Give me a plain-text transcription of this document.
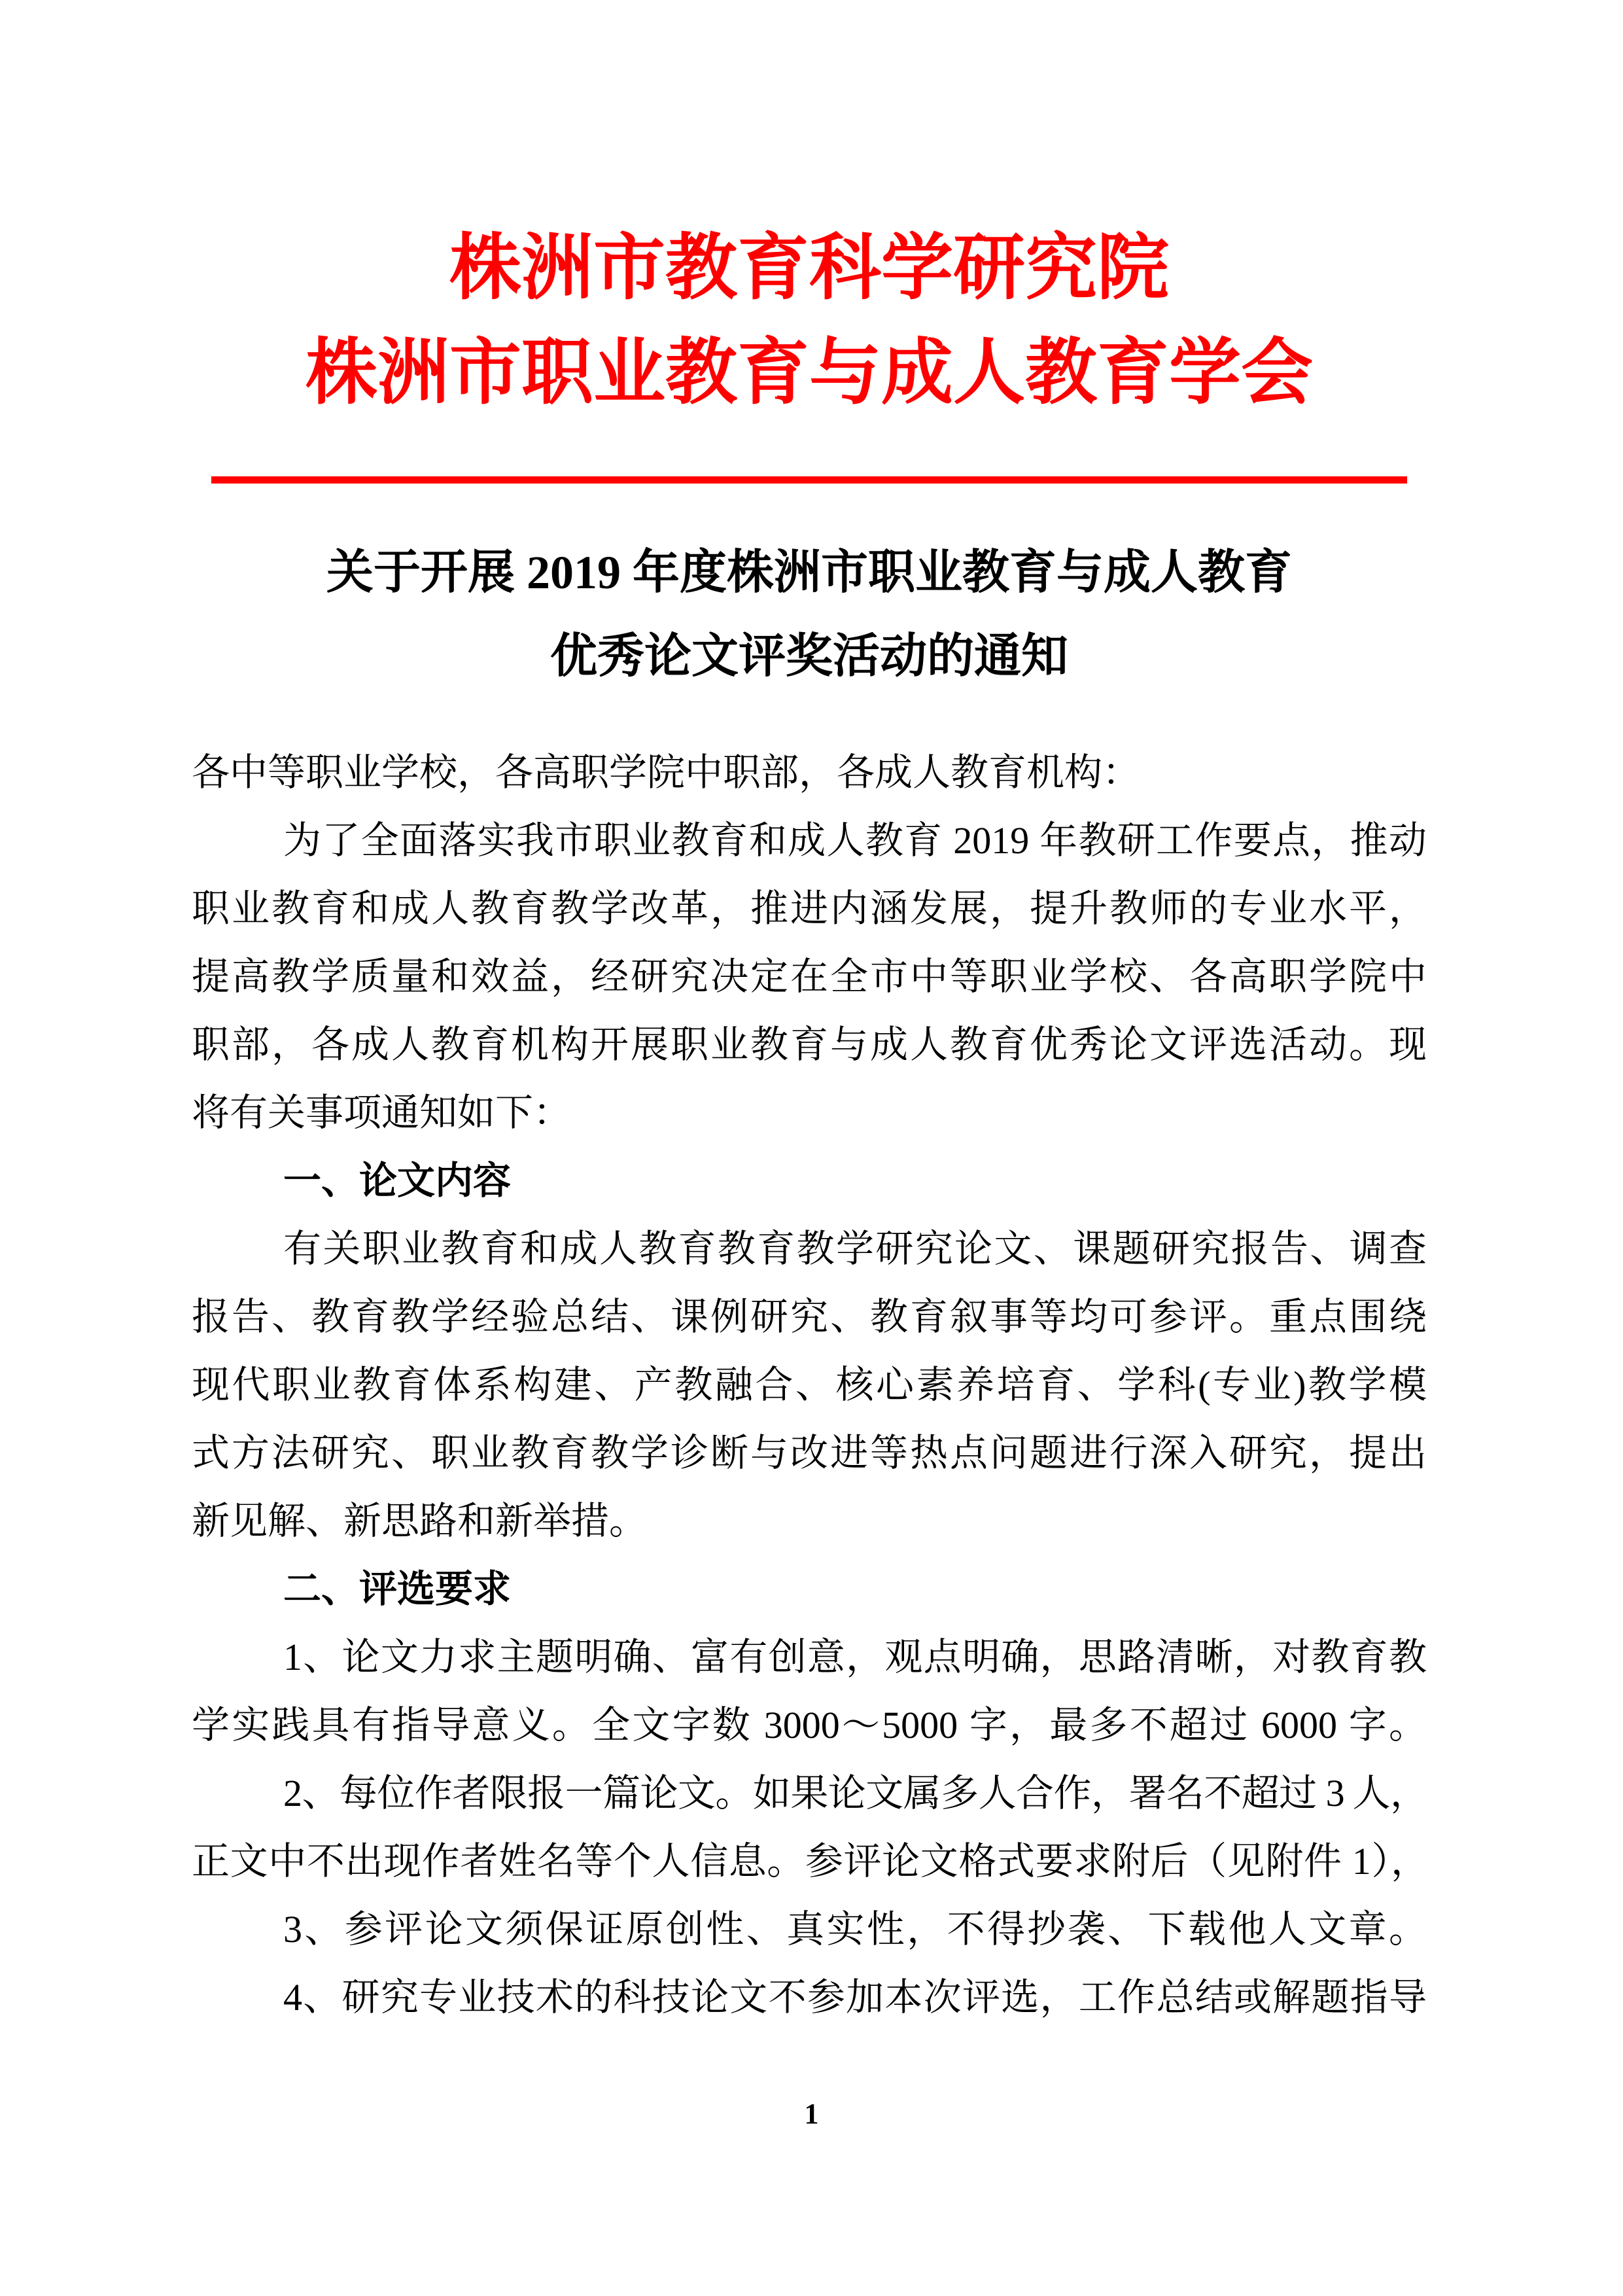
株洲市教育科学研究院
株洲市职业教育与成人教育学会
关于开展 2019 年度株洲市职业教育与成人教育
优秀论文评奖活动的通知
各中等职业学校，各高职学院中职部，各成人教育机构：
为了全面落实我市职业教育和成人教育 2019 年教研工作要点，推动
职业教育和成人教育教学改革，推进内涵发展，提升教师的专业水平，
提高教学质量和效益，经研究决定在全市中等职业学校、各高职学院中
职部，各成人教育机构开展职业教育与成人教育优秀论文评选活动。现
将有关事项通知如下：
一、论文内容
有关职业教育和成人教育教育教学研究论文、课题研究报告、调查
报告、教育教学经验总结、课例研究、教育叙事等均可参评。重点围绕
现代职业教育体系构建、产教融合、核心素养培育、学科(专业)教学模
式方法研究、职业教育教学诊断与改进等热点问题进行深入研究，提出
新见解、新思路和新举措。
二、评选要求
1、论文力求主题明确、富有创意，观点明确，思路清晰，对教育教
学实践具有指导意义。全文字数 3000～5000 字，最多不超过 6000 字。
2、每位作者限报一篇论文。如果论文属多人合作，署名不超过 3 人，
正文中不出现作者姓名等个人信息。参评论文格式要求附后（见附件 1），
3、参评论文须保证原创性、真实性，不得抄袭、下载他人文章。
4、研究专业技术的科技论文不参加本次评选，工作总结或解题指导
1
